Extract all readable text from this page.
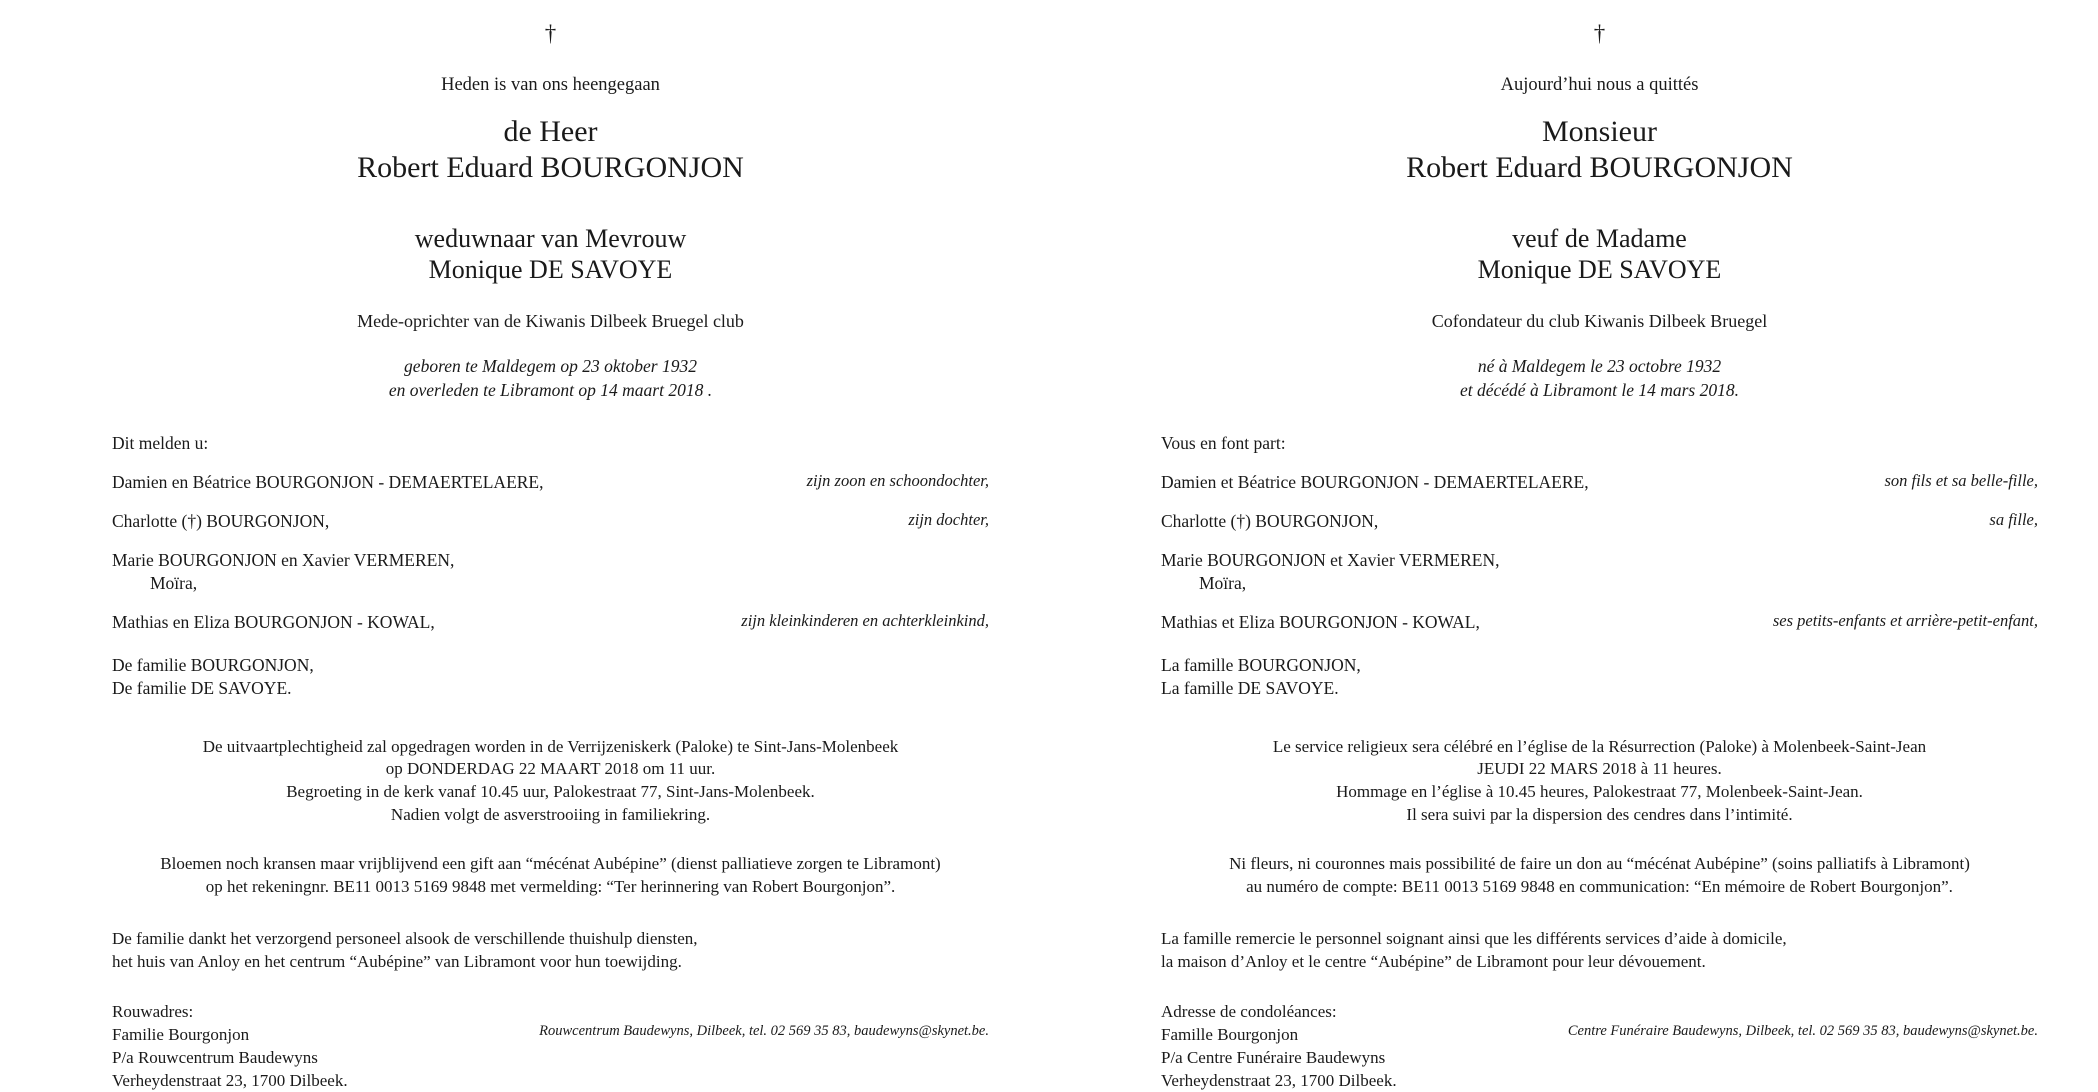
†
Heden is van ons heengegaan
de Heer
Robert Eduard BOURGONJON
weduwnaar van Mevrouw
Monique DE SAVOYE
Mede-oprichter van de Kiwanis Dilbeek Bruegel club
geboren te Maldegem op 23 oktober 1932
en overleden te Libramont op 14 maart 2018 .
Dit melden u:
Damien en Béatrice BOURGONJON - DEMAERTELAERE,	zijn zoon en schoondochter,
Charlotte (†) BOURGONJON,	zijn dochter,
Marie BOURGONJON en Xavier VERMEREN,
Moïra,
Mathias en Eliza BOURGONJON - KOWAL,	zijn kleinkinderen en achterkleinkind,
De familie BOURGONJON,
De familie DE SAVOYE.
De uitvaartplechtigheid zal opgedragen worden in de Verrijzeniskerk (Paloke) te Sint-Jans-Molenbeek
op DONDERDAG 22 MAART 2018 om 11 uur.
Begroeting in de kerk vanaf 10.45 uur, Palokestraat 77, Sint-Jans-Molenbeek.
Nadien volgt de asverstrooiing in familiekring.
Bloemen noch kransen maar vrijblijvend een gift aan “mécénat Aubépine” (dienst palliatieve zorgen te Libramont)
op het rekeningnr. BE11 0013 5169 9848 met vermelding: “Ter herinnering van Robert Bourgonjon”.
De familie dankt het verzorgend personeel alsook de verschillende thuishulp diensten,
het huis van Anloy en het centrum “Aubépine” van Libramont voor hun toewijding.
Rouwadres:
Familie Bourgonjon
P/a Rouwcentrum Baudewyns
Verheydenstraat 23, 1700 Dilbeek.
Rouwcentrum Baudewyns, Dilbeek, tel. 02 569 35 83, baudewyns@skynet.be.
†
Aujourd’hui nous a quittés
Monsieur
Robert Eduard BOURGONJON
veuf de Madame
Monique DE SAVOYE
Cofondateur du club Kiwanis Dilbeek Bruegel
né à Maldegem le 23 octobre 1932
et décédé à Libramont le 14 mars 2018.
Vous en font part:
Damien et Béatrice BOURGONJON - DEMAERTELAERE,	son fils et sa belle-fille,
Charlotte (†) BOURGONJON,	sa fille,
Marie BOURGONJON et Xavier VERMEREN,
Moïra,
Mathias et Eliza BOURGONJON - KOWAL,	ses petits-enfants et arrière-petit-enfant,
La famille BOURGONJON,
La famille DE SAVOYE.
Le service religieux sera célébré en l’église de la Résurrection (Paloke) à Molenbeek-Saint-Jean
JEUDI 22 MARS 2018 à 11 heures.
Hommage en l’église à 10.45 heures, Palokestraat 77, Molenbeek-Saint-Jean.
Il sera suivi par la dispersion des cendres dans l’intimité.
Ni fleurs, ni couronnes mais possibilité de faire un don au “mécénat Aubépine” (soins palliatifs à Libramont)
au numéro de compte: BE11 0013 5169 9848 en communication: “En mémoire de Robert Bourgonjon”.
La famille remercie le personnel soignant ainsi que les différents services d’aide à domicile,
la maison d’Anloy et le centre “Aubépine” de Libramont pour leur dévouement.
Adresse de condoléances:
Famille Bourgonjon
P/a Centre Funéraire Baudewyns
Verheydenstraat 23, 1700 Dilbeek.
Centre Funéraire Baudewyns, Dilbeek, tel. 02 569 35 83, baudewyns@skynet.be.
